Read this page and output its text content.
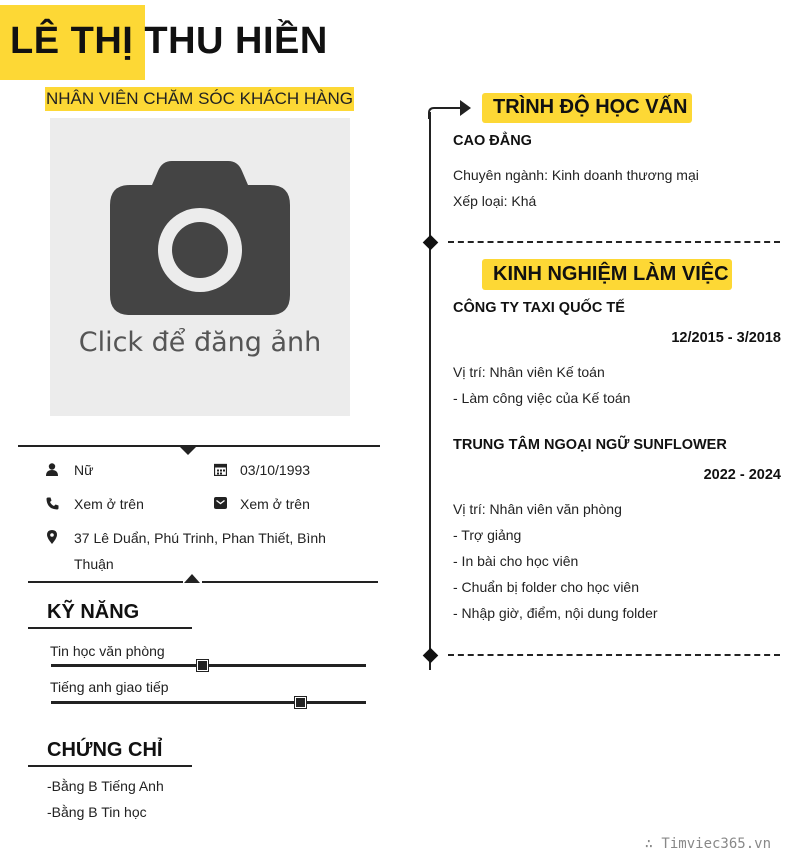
LÊ THỊ THU HIỀN
NHÂN VIÊN CHĂM SÓC KHÁCH HÀNG
Click để đăng ảnh
Nữ	03/10/1993
Xem ở trên	Xem ở trên
37 Lê Duẩn, Phú Trinh, Phan Thiết, Bình
Thuận
KỸ NĂNG
Tin học văn phòng
Tiếng anh giao tiếp
CHỨNG CHỈ
-Bằng B Tiếng Anh
-Bằng B Tin học
TRÌNH ĐỘ HỌC VẤN
CAO ĐẲNG
Chuyên ngành: Kinh doanh thương mại
Xếp loại: Khá
KINH NGHIỆM LÀM VIỆC
CÔNG TY TAXI QUỐC TẾ
12/2015 - 3/2018
Vị trí: Nhân viên Kế toán
- Làm công việc của Kế toán
TRUNG TÂM NGOẠI NGỮ SUNFLOWER
2022 - 2024
Vị trí: Nhân viên văn phòng
- Trợ giảng
- In bài cho học viên
- Chuẩn bị folder cho học viên
- Nhập giờ, điểm, nội dung folder
∴ Timviec365.vn
